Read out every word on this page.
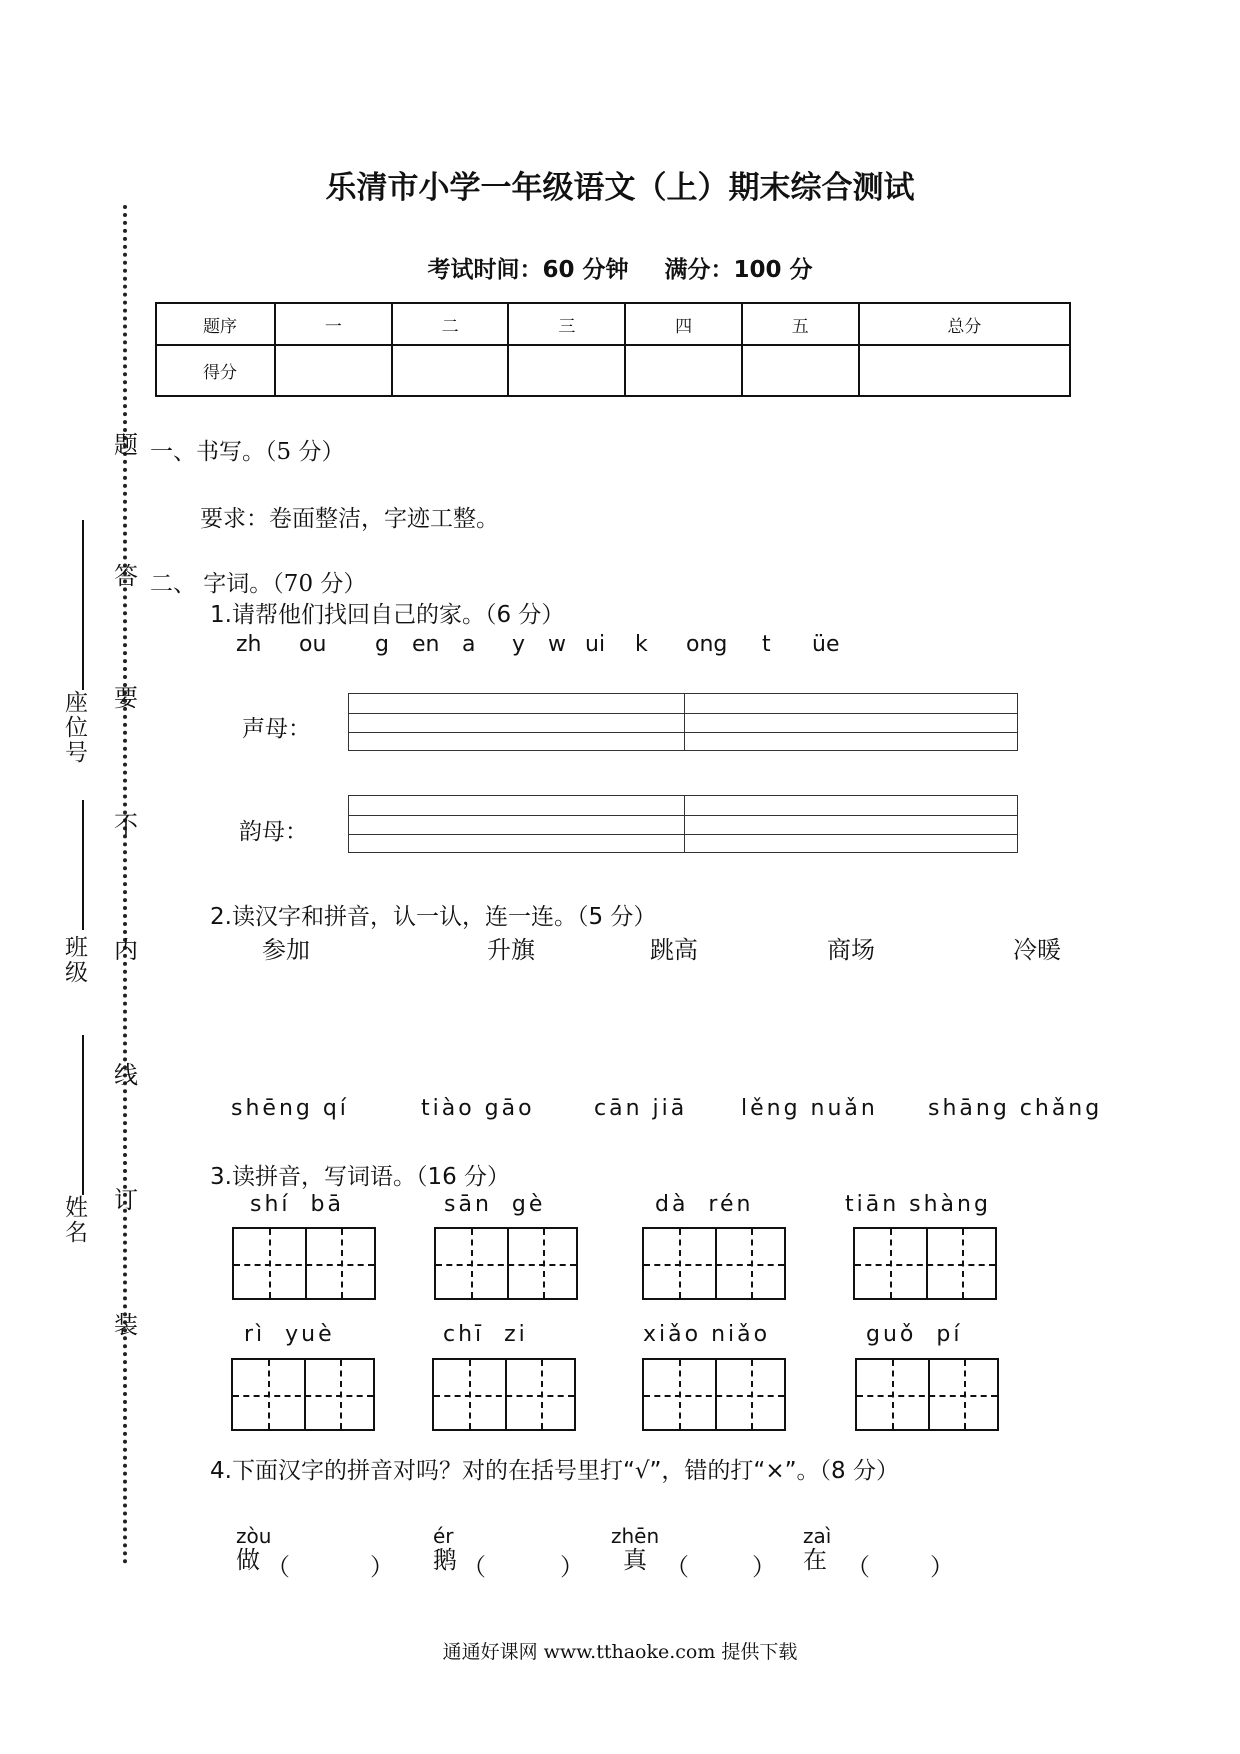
题
答
要
不
内
线
订
装
座位号
班级
姓名
乐清市小学一年级语文（上）期末综合测试
考试时间：60 分钟 满分：100 分
题序	一	二	三	四	五	总分
得分						
一、书写。（5 分）
要求：卷面整洁，字迹工整。
二、 字词。（70 分）
1.请帮他们找回自己的家。（6 分）
zh ou g en a y w ui k ong t üe
声母：
韵母：
2.读汉字和拼音，认一认，连一连。（5 分）
参加	升旗	跳高	商场	冷暖
shēng qí	tiào gāo	cān jiā lěng nuǎn shāng chǎng
3.读拼音，写词语。（16 分）
shí  bā	sān  gè	dà  rén	tiān shàng
rì  yuè	chī  zi	xiǎo niǎo	guǒ  pí
4.下面汉字的拼音对吗？对的在括号里打“√”，错的打“×”。（8 分）
zòu
做 （	）
ér
鹅 （	）
zhēn
真 （	）
zaì
在 （	）
通通好课网 www.tthaoke.com 提供下载
